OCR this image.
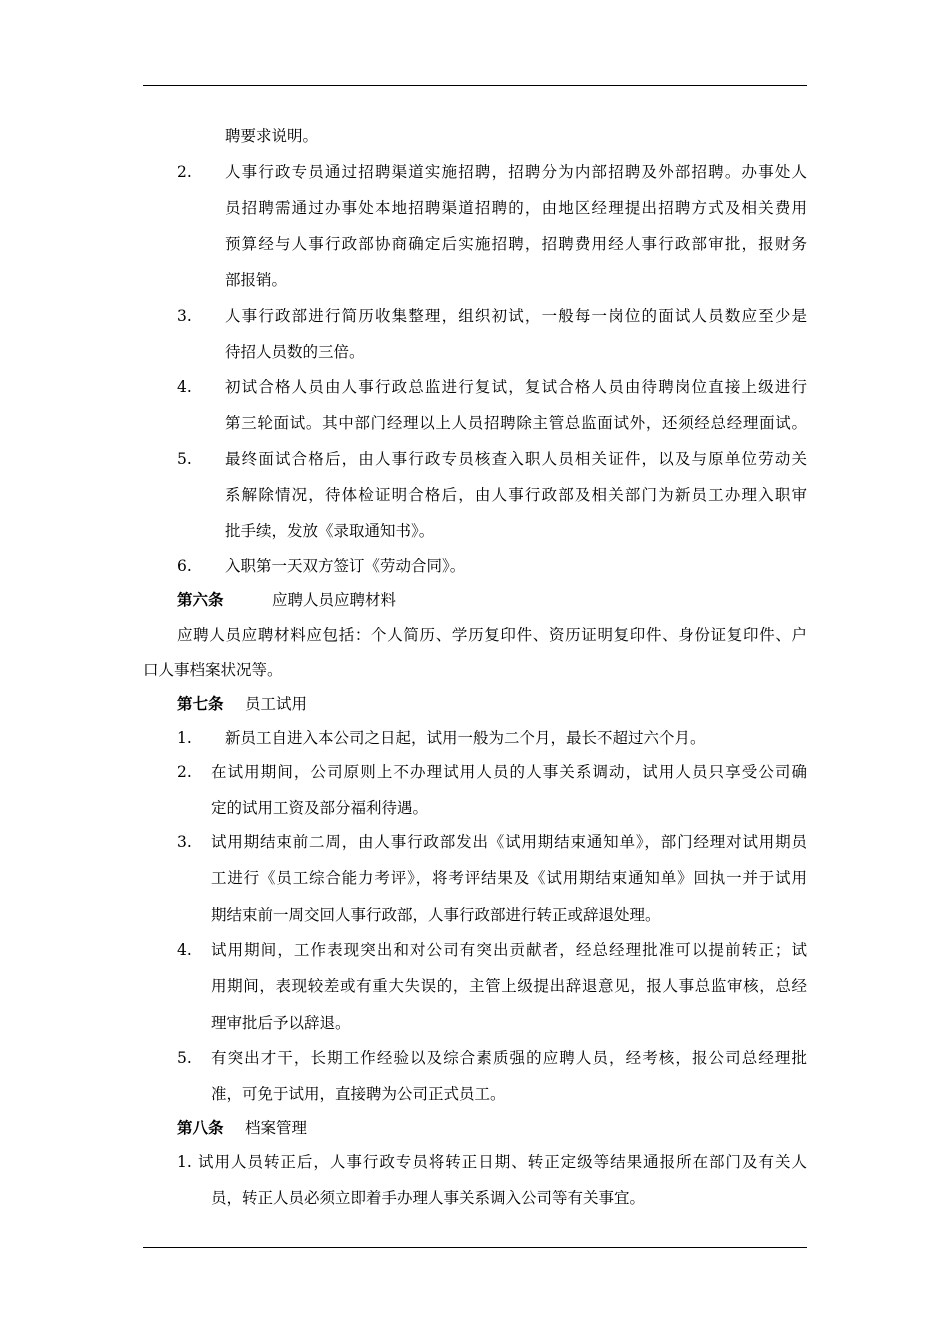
聘要求说明。
2. 人事行政专员通过招聘渠道实施招聘，招聘分为内部招聘及外部招聘。办事处人
员招聘需通过办事处本地招聘渠道招聘的，由地区经理提出招聘方式及相关费用
预算经与人事行政部协商确定后实施招聘，招聘费用经人事行政部审批，报财务
部报销。
3. 人事行政部进行简历收集整理，组织初试，一般每一岗位的面试人员数应至少是
待招人员数的三倍。
4. 初试合格人员由人事行政总监进行复试，复试合格人员由待聘岗位直接上级进行
第三轮面试。其中部门经理以上人员招聘除主管总监面试外，还须经总经理面试。
5. 最终面试合格后，由人事行政专员核查入职人员相关证件，以及与原单位劳动关
系解除情况，待体检证明合格后，由人事行政部及相关部门为新员工办理入职审
批手续，发放《录取通知书》。
6. 入职第一天双方签订《劳动合同》。
第六条	应聘人员应聘材料
应聘人员应聘材料应包括：个人简历、学历复印件、资历证明复印件、身份证复印件、户
口人事档案状况等。
第七条 员工试用
1. 新员工自进入本公司之日起，试用一般为二个月，最长不超过六个月。
2. 在试用期间，公司原则上不办理试用人员的人事关系调动，试用人员只享受公司确
定的试用工资及部分福利待遇。
3. 试用期结束前二周，由人事行政部发出《试用期结束通知单》，部门经理对试用期员
工进行《员工综合能力考评》，将考评结果及《试用期结束通知单》回执一并于试用
期结束前一周交回人事行政部，人事行政部进行转正或辞退处理。
4. 试用期间，工作表现突出和对公司有突出贡献者，经总经理批准可以提前转正；试
用期间，表现较差或有重大失误的，主管上级提出辞退意见，报人事总监审核，总经
理审批后予以辞退。
5. 有突出才干，长期工作经验以及综合素质强的应聘人员，经考核，报公司总经理批
准，可免于试用，直接聘为公司正式员工。
第八条 档案管理
1. 试用人员转正后，人事行政专员将转正日期、转正定级等结果通报所在部门及有关人
员，转正人员必须立即着手办理人事关系调入公司等有关事宜。
